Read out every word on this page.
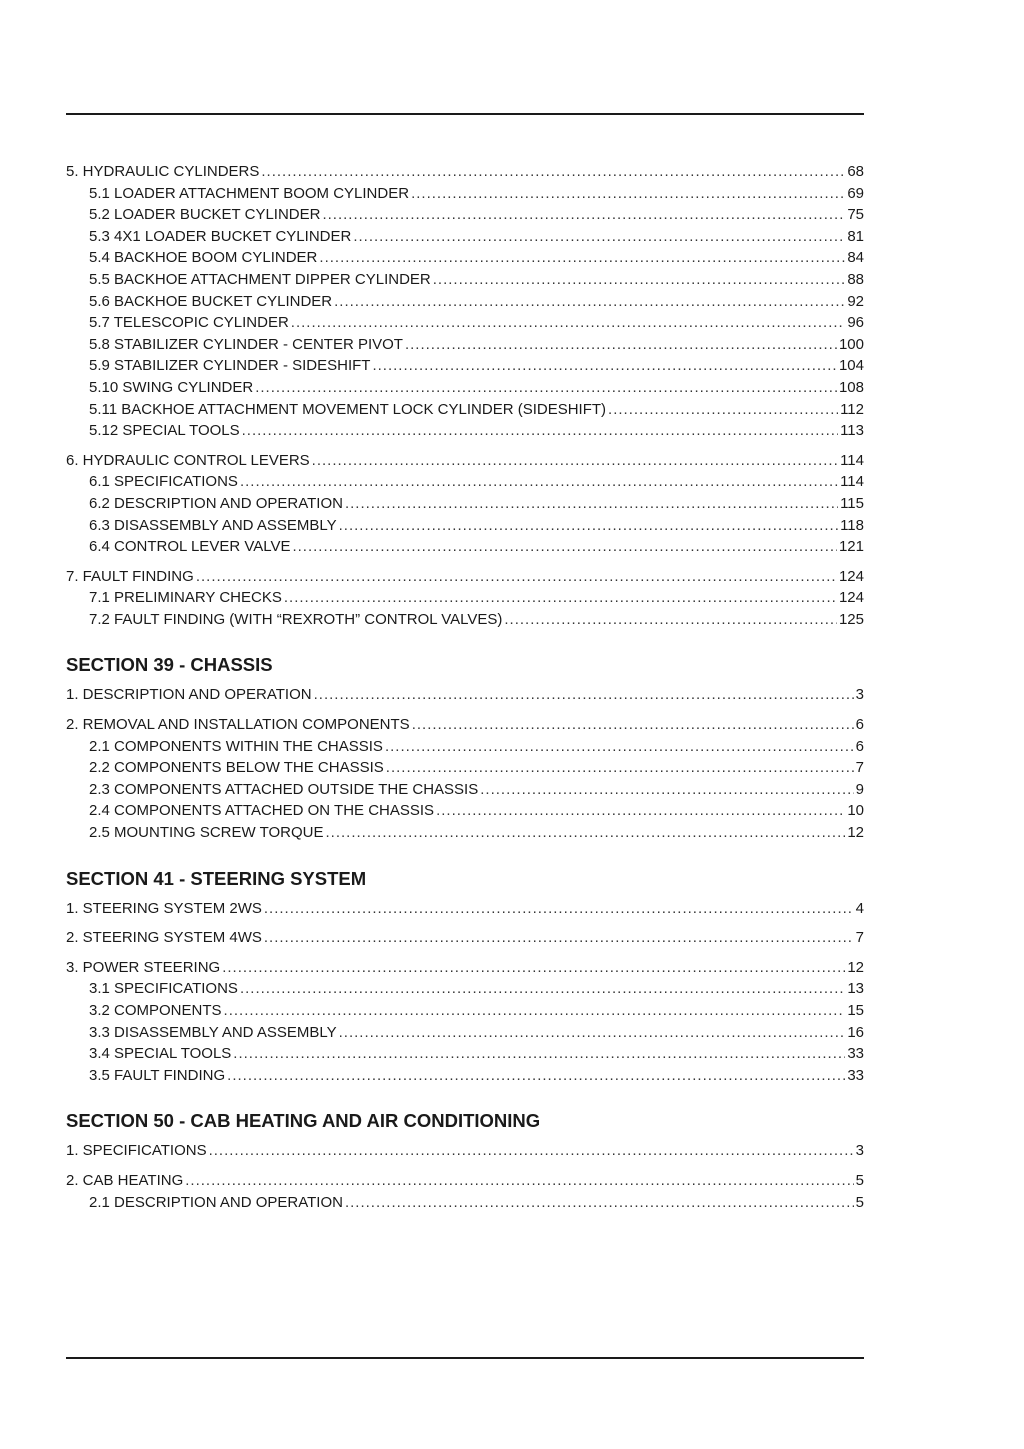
5. HYDRAULIC CYLINDERS .....	68
5.1 LOADER ATTACHMENT BOOM CYLINDER .....	69
5.2 LOADER BUCKET CYLINDER .....	75
5.3 4X1 LOADER BUCKET CYLINDER .....	81
5.4 BACKHOE BOOM CYLINDER .....	84
5.5 BACKHOE ATTACHMENT DIPPER CYLINDER .....	88
5.6 BACKHOE BUCKET CYLINDER .....	92
5.7 TELESCOPIC CYLINDER .....	96
5.8 STABILIZER CYLINDER - CENTER PIVOT .....	100
5.9 STABILIZER CYLINDER - SIDESHIFT .....	104
5.10 SWING CYLINDER .....	108
5.11 BACKHOE ATTACHMENT MOVEMENT LOCK CYLINDER (SIDESHIFT) .....	112
5.12 SPECIAL TOOLS .....	113
6. HYDRAULIC CONTROL LEVERS .....	114
6.1 SPECIFICATIONS .....	114
6.2 DESCRIPTION AND OPERATION .....	115
6.3 DISASSEMBLY AND ASSEMBLY .....	118
6.4 CONTROL LEVER VALVE .....	121
7. FAULT FINDING .....	124
7.1 PRELIMINARY CHECKS .....	124
7.2 FAULT FINDING (WITH “REXROTH” CONTROL VALVES) .....	125
SECTION 39 - CHASSIS
1. DESCRIPTION AND OPERATION .....	3
2. REMOVAL AND INSTALLATION COMPONENTS .....	6
2.1 COMPONENTS WITHIN THE CHASSIS .....	6
2.2 COMPONENTS BELOW THE CHASSIS .....	7
2.3 COMPONENTS ATTACHED OUTSIDE THE CHASSIS .....	9
2.4 COMPONENTS ATTACHED ON THE CHASSIS .....	10
2.5 MOUNTING SCREW TORQUE .....	12
SECTION 41 - STEERING SYSTEM
1. STEERING SYSTEM 2WS .....	4
2. STEERING SYSTEM 4WS .....	7
3. POWER STEERING .....	12
3.1 SPECIFICATIONS .....	13
3.2 COMPONENTS .....	15
3.3 DISASSEMBLY AND ASSEMBLY .....	16
3.4 SPECIAL TOOLS .....	33
3.5 FAULT FINDING .....	33
SECTION 50 - CAB HEATING AND AIR CONDITIONING
1. SPECIFICATIONS .....	3
2. CAB HEATING .....	5
2.1 DESCRIPTION AND OPERATION .....	5
